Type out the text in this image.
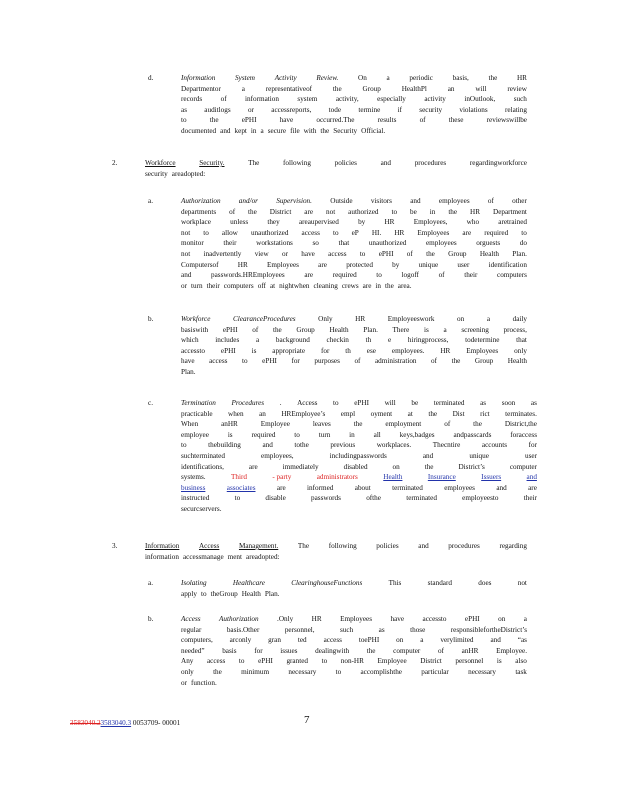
d.	Information	System	Activity	Review.	On	a	periodic	basis,	the	HR
Departmentor	a	representativeof	the	Group	HealthPl	an	will	review
records	of	information	system	activity,	especially	activity	inOutlook,	such
as auditlogs or accessreports, tode termine if security violations relating
to	the	ePHI	have	occurred.The	results	of	these	reviewswillbe
documented and kept in a secure file with the Security Official.
2.	Workforce	Security.	The	following	policies	and	procedures	regardingworkforce
security areadopted:
a.	Authorization	and/or	Supervision.	Outside	visitors	and	employees	of	other
departments of the District are not authorized to be in the HR Department
workplace	unless	they	areaupervised	by	HR	Employees,	who	aretrained
not to allow unauthorized access to eP HI. HR Employees are required to
monitor	their	workstations	so	that	unauthorized	employees	orguests	do
not inadvertently view or have access to ePHI of the Group Health Plan.
Computersof	HR	Employees	are	protected	by	unique	user	identification
and	passwords.HREmployees	are	required	to	logoff	of	their	computers
or turn their computers off at nightwhen cleaning crews are in the area.
b.	Workforce	ClearanceProcedures	Only	HR	Employeeswork	on	a	daily
basiswith ePHI of the Group Health Plan. There is a screening process,
which includes a background checkin th e hiringprocess, todetermine that
accessto ePHI is appropriate for th ese employees. HR Employees only
have access to ePHI for purposes of administration of the Group Health
Plan.
c.	Termination Procedures . Access to ePHI will be terminated as soon as
practicable when an HREmployee’s empl oyment at the Dist rict terminates.
When	anHR	Employee	leaves	the	employment	of	the	District,the
employee	is	required	to	turn	in	all	keys,badges	andpasscards	foraccess
to	thebuilding	and	tothe	previous	workplaces.	Thecntire	accounts	for
suchterminated	employees,	includingpasswords	and	unique	user
identifications,	are	immediately	disabled	on	the	District’s	computer
systems.	Third	- party	administrators	Health	Insurance	Issuers	and
business	associates	are	informed	about	terminated	employees	and	are
instructed	to	disable	passwords	ofthe	terminated	employeesto	their
securcservers.
3.	Information	Access	Management.	The	following	policies	and	procedures	regarding
information accessmanage ment areadopted:
a.	Isolating	Healthcare	ClearinghouseFunctions	This	standard	does	not
apply to theGroup Health Plan.
b.	Access	Authorization	.Only	HR	Employees	have	accessto	ePHI	on	a
regular	basis.Other	personnel,	such	as	those	responsiblefortheDistrict’s
computers, arconly gran ted access toePHI on a verylimited and “as
needed” basis for issues dealingwith the computer of anHR Employee.
Any access to ePHI granted to non-HR Employee District personnel is also
only	the	minimum	necessary	to	accomplishthe	particular	necessary	task
or function.
3583040.23583040.3 0053709- 00001	7
